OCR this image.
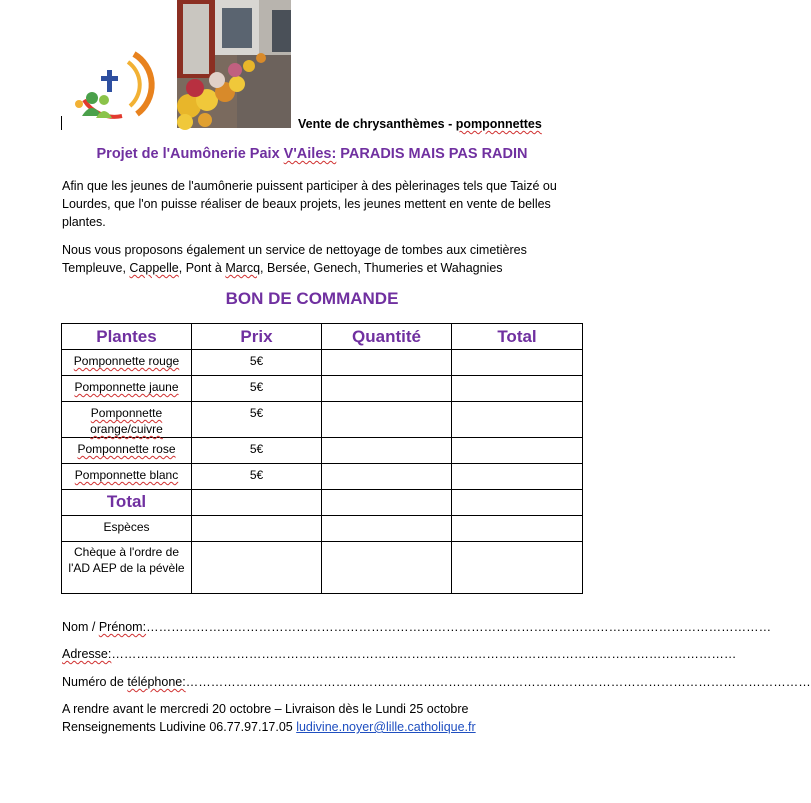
Vente de chrysanthèmes - pomponnettes
Projet de l'Aumônerie Paix V'Ailes: PARADIS MAIS PAS RADIN
Afin que les jeunes de l'aumônerie puissent participer à des pèlerinages tels que Taizé ou Lourdes, que l'on puisse réaliser de beaux projets, les jeunes mettent en vente de belles plantes.
Nous vous proposons également un service de nettoyage de tombes aux cimetières Templeuve, Cappelle, Pont à Marcq, Bersée, Genech, Thumeries et Wahagnies
BON DE COMMANDE
Plantes	Prix	Quantité	Total

Pomponnette rouge	5€		

Pomponnette jaune	5€		

Pomponnette orange/cuivre	5€		

Pomponnette rose	5€		

Pomponnette blanc	5€		

Total			

Espèces			

Chèque à l'ordre de l'AD AEP de la pévèle			

Nom / Prénom:……………………………………………………………………………………………………………………………………
Adresse:……………………………………………………………………………………………………………………………………
Numéro de téléphone:……………………………………………………………………………………………………………………………………
A rendre avant le mercredi 20 octobre – Livraison dès le Lundi 25 octobre
Renseignements Ludivine 06.77.97.17.05 ludivine.noyer@lille.catholique.fr
